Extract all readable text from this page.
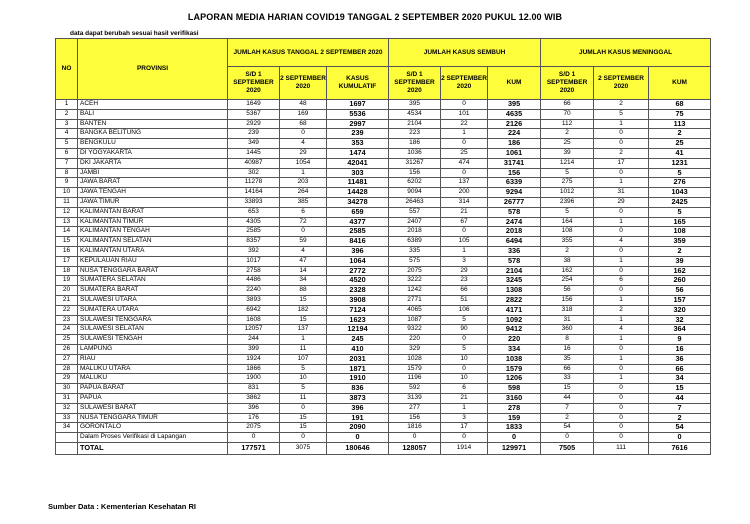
LAPORAN MEDIA HARIAN COVID19 TANGGAL 2 SEPTEMBER 2020 PUKUL 12.00 WIB
data dapat berubah sesuai hasil verifikasi
NO	PROVINSI	JUMLAH KASUS TANGGAL 2 SEPTEMBER 2020			JUMLAH KASUS SEMBUH			JUMLAH KASUS MENINGGAL		
		S/D 1 SEPTEMBER 2020	2 SEPTEMBER 2020	KASUS KUMULATIF	S/D 1 SEPTEMBER 2020	2 SEPTEMBER 2020	KUM	S/D 1 SEPTEMBER 2020	2 SEPTEMBER 2020	KUM
1	ACEH	1649	48	1697	395	0	395	66	2	68
2	BALI	5367	169	5536	4534	101	4635	70	5	75
3	BANTEN	2929	68	2997	2104	22	2126	112	1	113
4	BANGKA BELITUNG	239	0	239	223	1	224	2	0	2
5	BENGKULU	349	4	353	186	0	186	25	0	25
6	DI YOGYAKARTA	1445	29	1474	1036	25	1061	39	2	41
7	DKI JAKARTA	40987	1054	42041	31267	474	31741	1214	17	1231
8	JAMBI	302	1	303	156	0	156	5	0	5
9	JAWA BARAT	11278	203	11481	6202	137	6339	275	1	276
10	JAWA TENGAH	14164	264	14428	9094	200	9294	1012	31	1043
11	JAWA TIMUR	33893	385	34278	26463	314	26777	2396	29	2425
12	KALIMANTAN BARAT	653	6	659	557	21	578	5	0	5
13	KALIMANTAN TIMUR	4305	72	4377	2407	67	2474	164	1	165
14	KALIMANTAN TENGAH	2585	0	2585	2018	0	2018	108	0	108
15	KALIMANTAN SELATAN	8357	59	8416	6389	105	6494	355	4	359
16	KALIMANTAN UTARA	392	4	396	335	1	336	2	0	2
17	KEPULAUAN RIAU	1017	47	1064	575	3	578	38	1	39
18	NUSA TENGGARA BARAT	2758	14	2772	2075	29	2104	162	0	162
19	SUMATERA SELATAN	4486	34	4520	3222	23	3245	254	6	260
20	SUMATERA BARAT	2240	88	2328	1242	66	1308	56	0	56
21	SULAWESI UTARA	3893	15	3908	2771	51	2822	156	1	157
22	SUMATERA UTARA	6942	182	7124	4065	106	4171	318	2	320
23	SULAWESI TENGGARA	1608	15	1623	1087	5	1092	31	1	32
24	SULAWESI SELATAN	12057	137	12194	9322	90	9412	360	4	364
25	SULAWESI TENGAH	244	1	245	220	0	220	8	1	9
26	LAMPUNG	399	11	410	329	5	334	16	0	16
27	RIAU	1924	107	2031	1028	10	1038	35	1	36
28	MALUKU UTARA	1866	5	1871	1579	0	1579	66	0	66
29	MALUKU	1900	10	1910	1196	10	1206	33	1	34
30	PAPUA BARAT	831	5	836	592	6	598	15	0	15
31	PAPUA	3862	11	3873	3139	21	3160	44	0	44
32	SULAWESI BARAT	396	0	396	277	1	278	7	0	7
33	NUSA TENGGARA TIMUR	176	15	191	156	3	159	2	0	2
34	GORONTALO	2075	15	2090	1816	17	1833	54	0	54
	Dalam Proses Verifikasi di Lapangan	0	0	0	0	0	0	0	0	0
	TOTAL	177571	3075	180646	128057	1914	129971	7505	111	7616
Sumber Data : Kementerian Kesehatan RI
